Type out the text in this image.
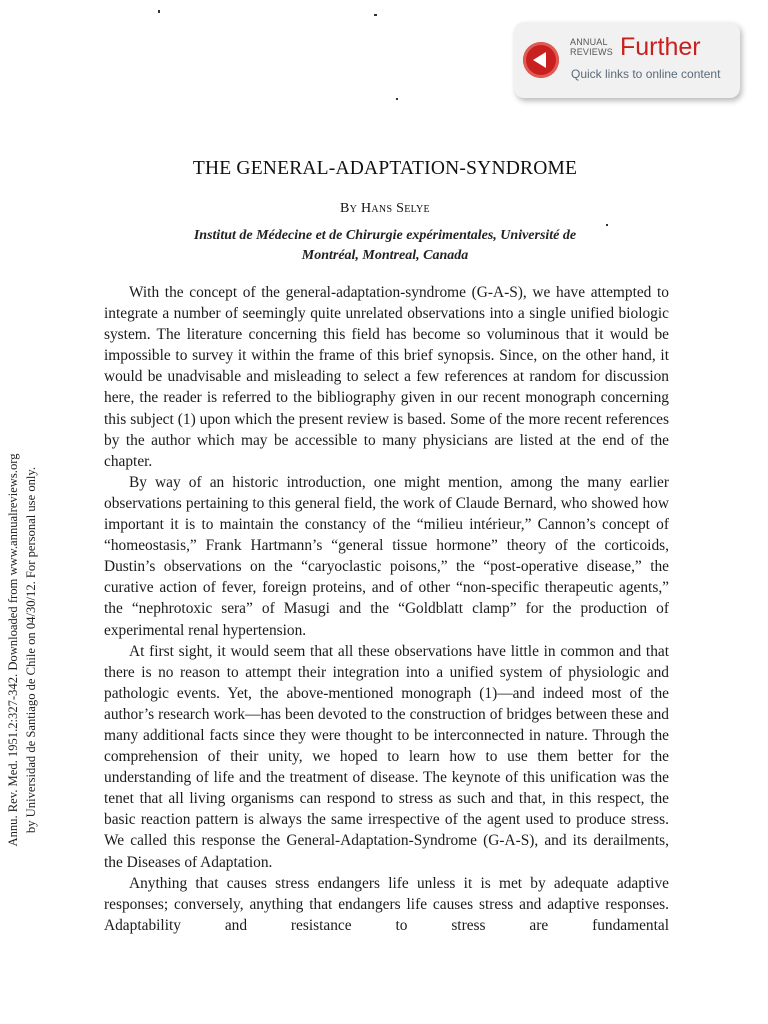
ANNUAL
REVIEWS Further
Quick links to online content
Annu. Rev. Med. 1951.2:327-342. Downloaded from www.annualreviews.org by Universidad de Santiago de Chile on 04/30/12. For personal use only.
THE GENERAL-ADAPTATION-SYNDROME
By Hans Selye
Institut de Médecine et de Chirurgie expérimentales, Université de
Montréal, Montreal, Canada

With the concept of the general-adaptation-syndrome (G-A-S), we have attempted to integrate a number of seemingly quite unrelated observations into a single unified biologic system. The literature concerning this field has become so voluminous that it would be impossible to survey it within the frame of this brief synopsis. Since, on the other hand, it would be unadvisable and misleading to select a few references at random for discussion here, the reader is referred to the bibliography given in our recent monograph concerning this subject (1) upon which the present review is based. Some of the more recent references by the author which may be accessible to many physicians are listed at the end of the chapter.

By way of an historic introduction, one might mention, among the many earlier observations pertaining to this general field, the work of Claude Bernard, who showed how important it is to maintain the constancy of the “milieu intérieur,” Cannon’s concept of “homeostasis,” Frank Hartmann’s “general tissue hormone” theory of the corticoids, Dustin’s observations on the “caryoclastic poisons,” the “post-operative disease,” the curative action of fever, foreign proteins, and of other “non-specific therapeutic agents,” the “nephrotoxic sera” of Masugi and the “Goldblatt clamp” for the production of experimental renal hypertension.

At first sight, it would seem that all these observations have little in common and that there is no reason to attempt their integration into a unified system of physiologic and pathologic events. Yet, the above-mentioned monograph (1)—and indeed most of the author’s research work—has been devoted to the construction of bridges between these and many additional facts since they were thought to be interconnected in nature. Through the comprehension of their unity, we hoped to learn how to use them better for the understanding of life and the treatment of disease. The keynote of this unification was the tenet that all living organisms can respond to stress as such and that, in this respect, the basic reaction pattern is always the same irrespective of the agent used to produce stress. We called this response the General-Adaptation-Syndrome (G-A-S), and its derailments, the Diseases of Adaptation.

Anything that causes stress endangers life unless it is met by adequate adaptive responses; conversely, anything that endangers life causes stress and adaptive responses. Adaptability and resistance to stress are fundamental
